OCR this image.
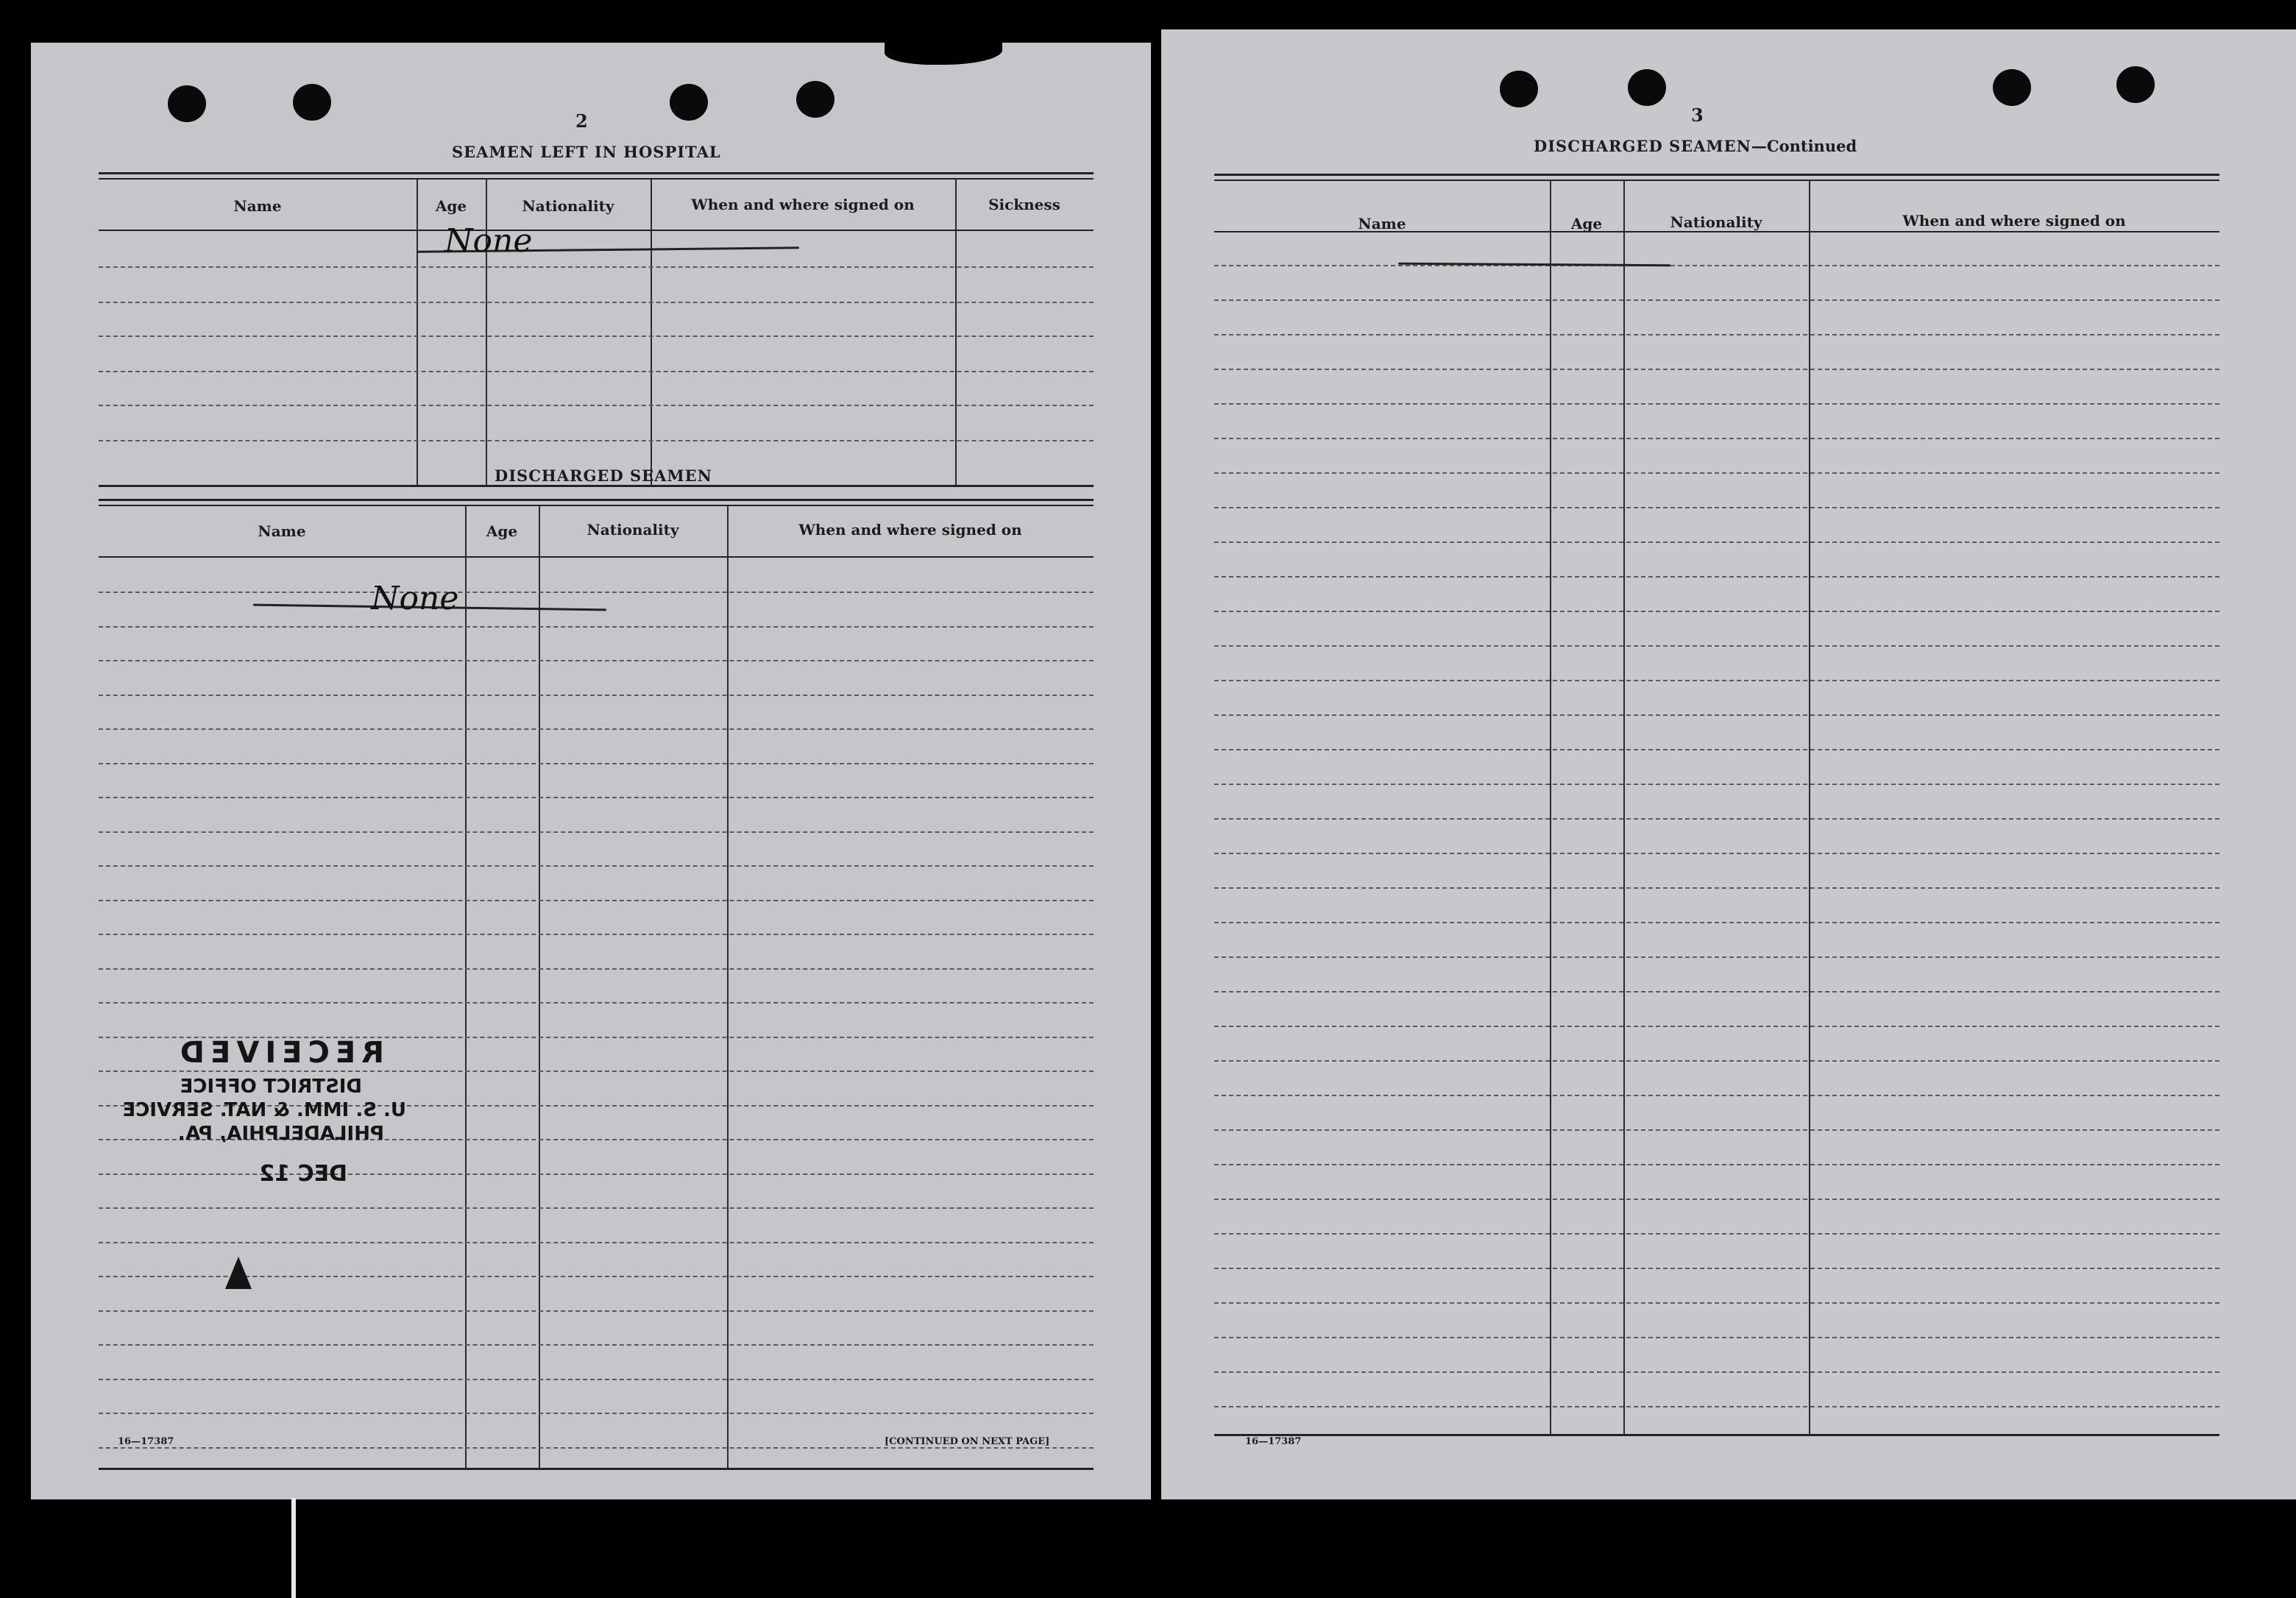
2
SEAMEN LEFT IN HOSPITAL
Name	Age	Nationality	When and where signed on	Sickness
None
DISCHARGED SEAMEN
Name	Age	Nationality	When and where signed on
None
RECEIVED
DISTRICT OFFICE
U. S. IMM. & NAT. SERVICE
PHILADELPHIA, PA.
DEC 12
16—17387	[CONTINUED ON NEXT PAGE]
3
DISCHARGED SEAMEN—Continued
Name	Age	Nationality	When and where signed on
16—17387
